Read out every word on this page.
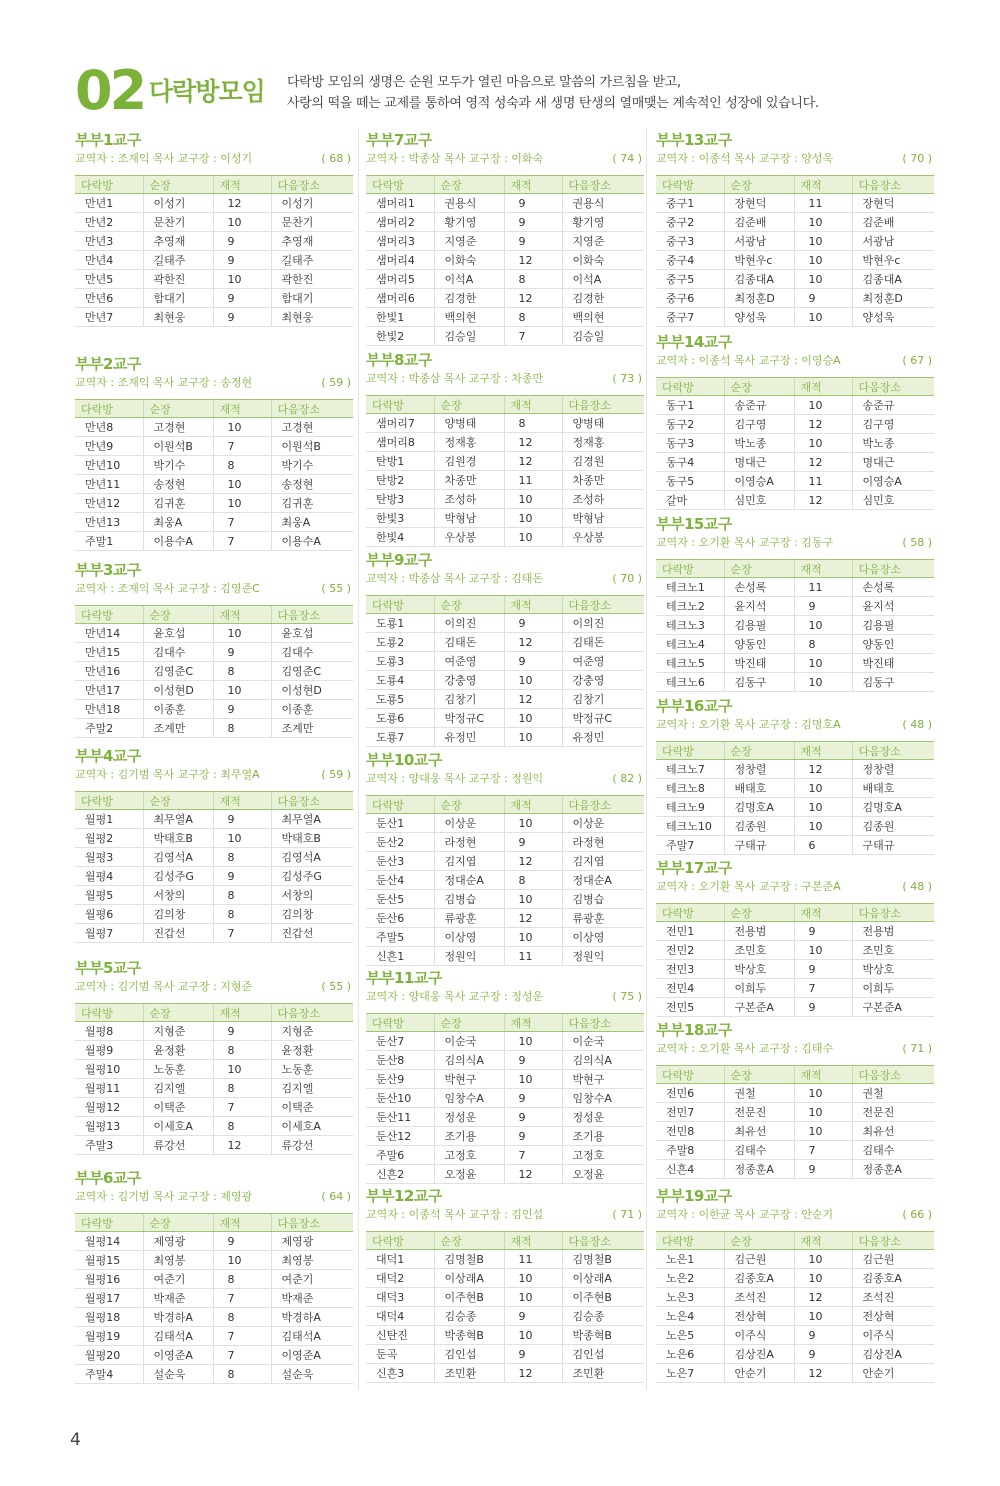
02 다락방모임 다락방 모임의 생명은 순원 모두가 열린 마음으로 말씀의 가르침을 받고,
사랑의 떡을 떼는 교제를 통하여 영적 성숙과 새 생명 탄생의 열매맺는 계속적인 성장에 있습니다.
부부1교구
교역자 : 조재익 목사 교구장 : 이성기	( 68 )
다락방	순장	재적	다음장소
만년1	이성기	12	이성기
만년2	문찬기	10	문찬기
만년3	추영재	9	추영재
만년4	길태주	9	길태주
만년5	곽한진	10	곽한진
만년6	함대기	9	함대기
만년7	최현웅	9	최현웅
부부2교구
교역자 : 조재익 목사 교구장 : 송정현	( 59 )
다락방	순장	재적	다음장소
만년8	고경현	10	고경현
만년9	이원석B	7	이원석B
만년10	박기수	8	박기수
만년11	송정현	10	송정현
만년12	김귀훈	10	김귀훈
만년13	최웅A	7	최웅A
주말1	이용수A	7	이용수A
부부3교구
교역자 : 조재익 목사 교구장 : 김영준C	( 55 )
다락방	순장	재적	다음장소
만년14	윤호섭	10	윤호섭
만년15	김대수	9	김대수
만년16	김영준C	8	김영준C
만년17	이성현D	10	이성현D
만년18	이종훈	9	이종훈
주말2	조계만	8	조계만
부부4교구
교역자 : 김기범 목사 교구장 : 최무열A	( 59 )
다락방	순장	재적	다음장소
월평1	최무열A	9	최무열A
월평2	박태호B	10	박태호B
월평3	김영석A	8	김영석A
월평4	김성주G	9	김성주G
월평5	서창의	8	서창의
월평6	김의창	8	김의창
월평7	진갑선	7	진갑선
부부5교구
교역자 : 김기범 목사 교구장 : 지형준	( 55 )
다락방	순장	재적	다음장소
월평8	지형준	9	지형준
월평9	윤정환	8	윤정환
월평10	노동훈	10	노동훈
월평11	김지엘	8	김지엘
월평12	이택준	7	이택준
월평13	이세호A	8	이세호A
주말3	류강선	12	류강선
부부6교구
교역자 : 김기범 목사 교구장 : 제영광	( 64 )
다락방	순장	재적	다음장소
월평14	제영광	9	제영광
월평15	최영봉	10	최영봉
월평16	여준기	8	여준기
월평17	박재준	7	박재준
월평18	박경하A	8	박경하A
월평19	김태석A	7	김태석A
월평20	이영준A	7	이영준A
주말4	설순욱	8	설순욱
부부7교구
교역자 : 박종삼 목사 교구장 : 이화숙	( 74 )
다락방	순장	재적	다음장소
샘머리1	권용식	9	권용식
샘머리2	황기영	9	황기영
샘머리3	지영준	9	지영준
샘머리4	이화숙	12	이화숙
샘머리5	이석A	8	이석A
샘머리6	김경한	12	김경한
한빛1	백의현	8	백의현
한빛2	김승일	7	김승일
부부8교구
교역자 : 박종삼 목사 교구장 : 차종만	( 73 )
다락방	순장	재적	다음장소
샘머리7	양병태	8	양병태
샘머리8	정재홍	12	정재홍
탄방1	김원경	12	김경원
탄방2	차종만	11	차종만
탄방3	조성하	10	조성하
한빛3	박형남	10	박형남
한빛4	우상봉	10	우상봉
부부9교구
교역자 : 박종삼 목사 교구장 : 김태돈	( 70 )
다락방	순장	재적	다음장소
도룡1	이의진	9	이의진
도룡2	김태돈	12	김태돈
도룡3	여준영	9	여준영
도룡4	강충영	10	강충영
도룡5	김창기	12	김창기
도룡6	박정규C	10	박정규C
도룡7	유정민	10	유정민
부부10교구
교역자 : 양대웅 목사 교구장 : 정원익	( 82 )
다락방	순장	재적	다음장소
둔산1	이상운	10	이상운
둔산2	라정현	9	라정현
둔산3	김지엽	12	김지엽
둔산4	정대순A	8	정대순A
둔산5	김병습	10	김병습
둔산6	류광훈	12	류광훈
주말5	이상영	10	이상영
신흔1	정원익	11	정원익
부부11교구
교역자 : 양대웅 목사 교구장 : 정성운	( 75 )
다락방	순장	재적	다음장소
둔산7	이순국	10	이순국
둔산8	김의식A	9	김의식A
둔산9	박현구	10	박현구
둔산10	임창수A	9	임창수A
둔산11	정성운	9	정성운
둔산12	조기용	9	조기용
주말6	고정호	7	고정호
신흔2	오정윤	12	오정윤
부부12교구
교역자 : 이종석 목사 교구장 : 김인섭	( 71 )
다락방	순장	재적	다음장소
대덕1	김명철B	11	김명철B
대덕2	이상래A	10	이상래A
대덕3	이주현B	10	이주현B
대덕4	김승종	9	김승종
신탄진	박종혁B	10	박종혁B
둔곡	김인섭	9	김인섭
신흔3	조민환	12	조민환
부부13교구
교역자 : 이종석 목사 교구장 : 양성욱	( 70 )
다락방	순장	재적	다음장소
중구1	장현덕	11	장현덕
중구2	김준배	10	김준배
중구3	서광남	10	서광남
중구4	박현우c	10	박현우c
중구5	김종대A	10	김종대A
중구6	최정훈D	9	최정훈D
중구7	양성욱	10	양성욱
부부14교구
교역자 : 이종석 목사 교구장 : 이영승A	( 67 )
다락방	순장	재적	다음장소
동구1	송준규	10	송준규
동구2	김구영	12	김구영
동구3	박노종	10	박노종
동구4	명대근	12	명대근
동구5	이영승A	11	이영승A
갈마	심민호	12	심민호
부부15교구
교역자 : 오기환 목사 교구장 : 김동구	( 58 )
다락방	순장	재적	다음장소
테크노1	손성록	11	손성록
테크노2	윤지석	9	윤지석
테크노3	김용필	10	김용필
테크노4	양동인	8	양동인
테크노5	박진태	10	박진태
테크노6	김동구	10	김동구
부부16교구
교역자 : 오기환 목사 교구장 : 김명호A	( 48 )
다락방	순장	재적	다음장소
테크노7	정창렬	12	정창렬
테크노8	배태호	10	배태호
테크노9	김명호A	10	김명호A
테크노10	김종원	10	김종원
주말7	구태규	6	구태규
부부17교구
교역자 : 오기환 목사 교구장 : 구본준A	( 48 )
다락방	순장	재적	다음장소
전민1	전용범	9	전용범
전민2	조민호	10	조민호
전민3	박상호	9	박상호
전민4	이희두	7	이희두
전민5	구본준A	9	구본준A
부부18교구
교역자 : 오기환 목사 교구장 : 김태수	( 71 )
다락방	순장	재적	다음장소
전민6	권철	10	권철
전민7	전문진	10	전문진
전민8	최유선	10	최유선
주말8	김태수	7	김태수
신흔4	정종훈A	9	정종훈A
부부19교구
교역자 : 이한균 목사 교구장 : 안순기	( 66 )
다락방	순장	재적	다음장소
노은1	김근원	10	김근원
노은2	김종호A	10	김종호A
노은3	조석진	12	조석진
노은4	전상혁	10	전상혁
노은5	이주식	9	이주식
노은6	김상진A	9	김상진A
노은7	안순기	12	안순기
4
